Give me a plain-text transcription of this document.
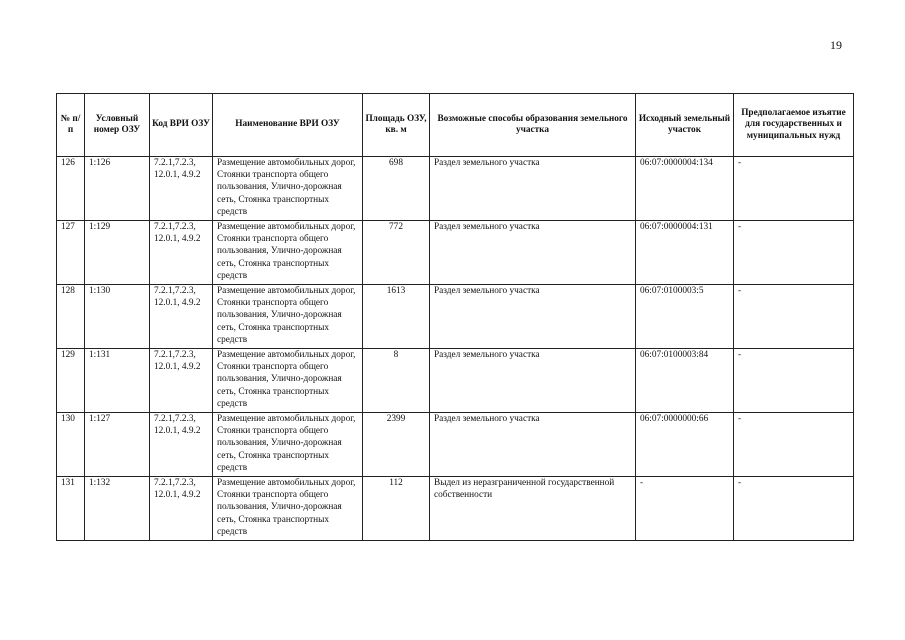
19
№ п/п	Условный номер ОЗУ	Код ВРИ ОЗУ	Наименование ВРИ ОЗУ	Площадь ОЗУ, кв. м	Возможные способы образования земельного участка	Исходный земельный участок	Предполагаемое изъятие для государственных и муниципальных нужд
126	1:126	7.2.1,7.2.3, 12.0.1, 4.9.2	Размещение автомобильных дорог, Стоянки транспорта общего пользования, Улично-дорожная сеть, Стоянка транспортных средств	698	Раздел земельного участка	06:07:0000004:134	-
127	1:129	7.2.1,7.2.3, 12.0.1, 4.9.2	Размещение автомобильных дорог, Стоянки транспорта общего пользования, Улично-дорожная сеть, Стоянка транспортных средств	772	Раздел земельного участка	06:07:0000004:131	-
128	1:130	7.2.1,7.2.3, 12.0.1, 4.9.2	Размещение автомобильных дорог, Стоянки транспорта общего пользования, Улично-дорожная сеть, Стоянка транспортных средств	1613	Раздел земельного участка	06:07:0100003:5	-
129	1:131	7.2.1,7.2.3, 12.0.1, 4.9.2	Размещение автомобильных дорог, Стоянки транспорта общего пользования, Улично-дорожная сеть, Стоянка транспортных средств	8	Раздел земельного участка	06:07:0100003:84	-
130	1:127	7.2.1,7.2.3, 12.0.1, 4.9.2	Размещение автомобильных дорог, Стоянки транспорта общего пользования, Улично-дорожная сеть, Стоянка транспортных средств	2399	Раздел земельного участка	06:07:0000000:66	-
131	1:132	7.2.1,7.2.3, 12.0.1, 4.9.2	Размещение автомобильных дорог, Стоянки транспорта общего пользования, Улично-дорожная сеть, Стоянка транспортных средств	112	Выдел из неразграниченной государственной собственности	-	-
